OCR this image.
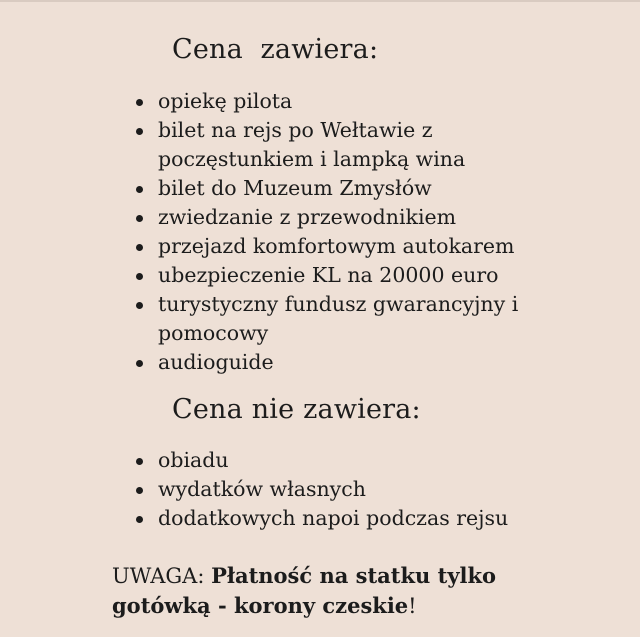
Cena  zawiera:
opiekę pilota
bilet na rejs po Wełtawie z poczęstunkiem i lampką wina
bilet do Muzeum Zmysłów
zwiedzanie z przewodnikiem
przejazd komfortowym autokarem
ubezpieczenie KL na 20000 euro
turystyczny fundusz gwarancyjny i pomocowy
audioguide
Cena nie zawiera:
obiadu
wydatków własnych
dodatkowych napoi podczas rejsu

UWAGA: Płatność na statku tylko gotówką - korony czeskie!
